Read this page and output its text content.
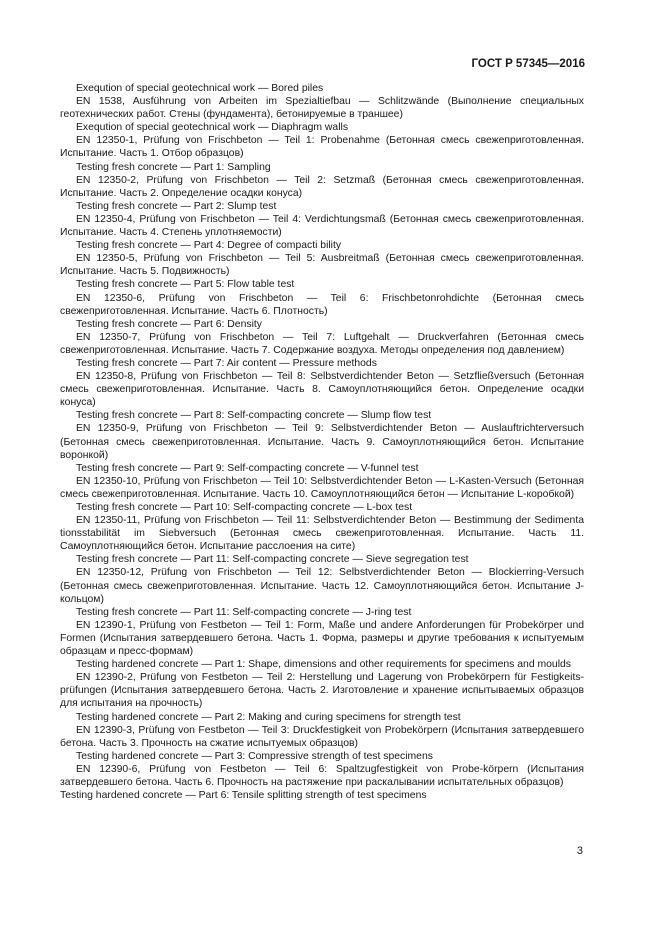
ГОСТ Р 57345—2016

Exeqution of special geotechnical work — Bored piles

EN 1538, Ausführung von Arbeiten im Spezialtiefbau — Schlitzwände (Выполнение специальных геотехнических работ. Стены (фундамента), бетонируемые в траншее)

Exeqution of special geotechnical work — Diaphragm walls

EN 12350-1, Prüfung von Frischbeton — Teil 1: Probenahme (Бетонная смесь свежеприготовленная. Испытание. Часть 1. Отбор образцов)

Testing fresh concrete — Part 1: Sampling

EN 12350-2, Prüfung von Frischbeton — Teil 2: Setzmaß (Бетонная смесь свежеприготовленная. Испытание. Часть 2. Определение осадки конуса)

Testing fresh concrete — Part 2: Slump test

EN 12350-4, Prüfung von Frischbeton — Teil 4: Verdichtungsmaß (Бетонная смесь свежеприготовленная. Испытание. Часть 4. Степень уплотняемости)

Testing fresh concrete — Part 4: Degree of compacti bility

EN 12350-5, Prüfung von Frischbeton — Teil 5: Ausbreitmaß (Бетонная смесь свежеприготовленная. Испытание. Часть 5. Подвижность)

Testing fresh concrete — Part 5: Flow table test

EN 12350-6, Prüfung von Frischbeton — Teil 6: Frischbetonrohdichte (Бетонная смесь свежеприготовленная. Испытание. Часть 6. Плотность)

Testing fresh concrete — Part 6: Density

EN 12350-7, Prüfung von Frischbeton — Teil 7: Luftgehalt — Druckverfahren (Бетонная смесь свежеприготовленная. Испытание. Часть 7. Содержание воздуха. Методы определения под давлением)

Testing fresh concrete — Part 7: Air content — Pressure methods

EN 12350-8, Prüfung von Frischbeton — Teil 8: Selbstverdichtender Beton — Setzfließversuch (Бетонная смесь свежеприготовленная. Испытание. Часть 8. Самоуплотняющийся бетон. Определение осадки конуса)

Testing fresh concrete — Part 8: Self-compacting concrete — Slump flow test

EN 12350-9, Prüfung von Frischbeton — Teil 9: Selbstverdichtender Beton — Auslauftrichterversuch (Бетонная смесь свежеприготовленная. Испытание. Часть 9. Самоуплотняющийся бетон. Испытание воронкой)

Testing fresh concrete — Part 9: Self-compacting concrete — V-funnel test

EN 12350-10, Prüfung von Frischbeton — Teil 10: Selbstverdichtender Beton — L-Kasten-Versuch (Бетонная смесь свежеприготовленная. Испытание. Часть 10. Самоуплотняющийся бетон — Испытание L-коробкой)

Testing fresh concrete — Part 10: Self-compacting concrete — L-box test

EN 12350-11, Prüfung von Frischbeton — Teil 11: Selbstverdichtender Beton — Bestimmung der Sedimenta tionsstabilität im Siebversuch (Бетонная смесь свежеприготовленная. Испытание. Часть 11. Самоуплотняющийся бетон. Испытание расслоения на сите)

Testing fresh concrete — Part 11: Self-compacting concrete — Sieve segregation test

EN 12350-12, Prüfung von Frischbeton — Teil 12: Selbstverdichtender Beton — Blockierring-Versuch (Бетонная смесь свежеприготовленная. Испытание. Часть 12. Самоуплотняющийся бетон. Испытание J-кольцом)

Testing fresh concrete — Part 11: Self-compacting concrete — J-ring test

EN 12390-1, Prüfung von Festbeton — Teil 1: Form, Maße und andere Anforderungen für Probekörper und Formen (Испытания затвердевшего бетона. Часть 1. Форма, размеры и другие требования к испытуемым образцам и пресс-формам)

Testing hardened concrete — Part 1: Shape, dimensions and other requirements for specimens and moulds

EN 12390-2, Prüfung von Festbeton — Teil 2: Herstellung und Lagerung von Probekörpern für Festigkeits-prüfungen (Испытания затвердевшего бетона. Часть 2. Изготовление и хранение испытываемых образцов для испытания на прочность)

Testing hardened concrete — Part 2: Making and curing specimens for strength test

EN 12390-3, Prüfung von Festbeton — Teil 3: Druckfestigkeit von Probekörpern (Испытания затвердевшего бетона. Часть 3. Прочность на сжатие испытуемых образцов)

Testing hardened concrete — Part 3: Compressive strength of test specimens

EN 12390-6, Prüfung von Festbeton — Teil 6: Spaltzugfestigkeit von Probe-körpern (Испытания затвердевшего бетона. Часть 6. Прочность на растяжение при раскалывании испытательных образцов)

Testing hardened concrete — Part 6: Tensile splitting strength of test specimens

3
